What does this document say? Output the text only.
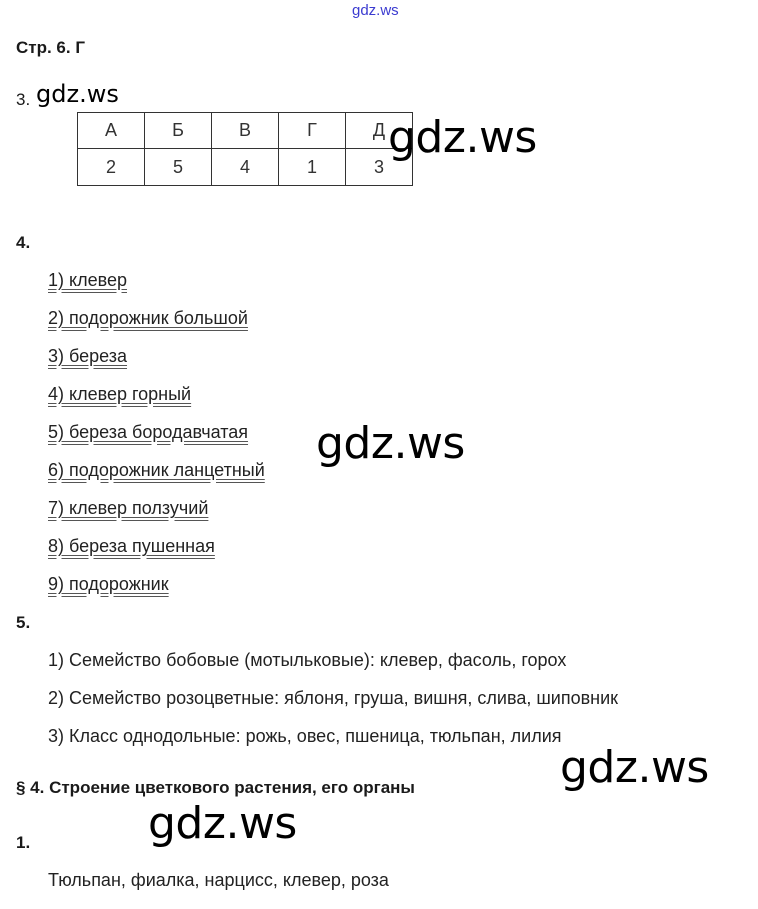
gdz.ws
Стр. 6. Г
3. gdz.ws
А	Б	В	Г	Д
2	5	4	1	3
gdz.ws
4.
1) клевер
2) подорожник большой
3) береза
4) клевер горный
5) береза бородавчатая
6) подорожник ланцетный
7) клевер ползучий
8) береза пушенная
9) подорожник
gdz.ws
5.
1) Семейство бобовые (мотыльковые): клевер, фасоль, горох
2) Семейство розоцветные: яблоня, груша, вишня, слива, шиповник
3) Класс однодольные: рожь, овес, пшеница, тюльпан, лилия
gdz.ws
§ 4. Строение цветкового растения, его органы
gdz.ws
1.
Тюльпан, фиалка, нарцисс, клевер, роза
